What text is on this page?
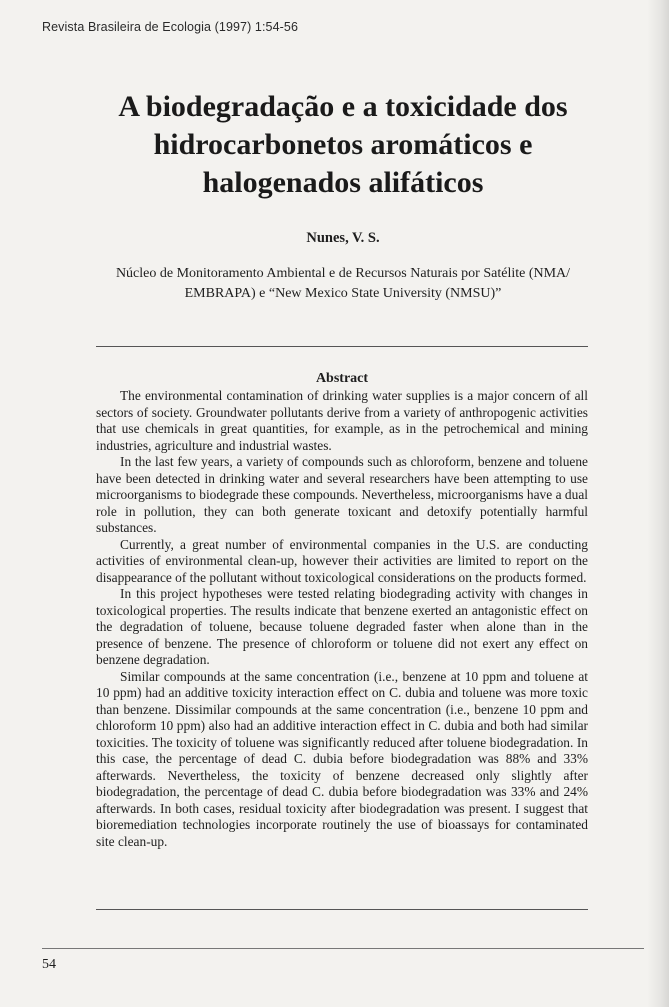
Revista Brasileira de Ecologia (1997) 1:54-56
A biodegradação e a toxicidade dos
hidrocarbonetos aromáticos e
halogenados alifáticos
Nunes, V. S.
Núcleo de Monitoramento Ambiental e de Recursos Naturais por Satélite (NMA/
EMBRAPA) e “New Mexico State University (NMSU)”
Abstract

The environmental contamination of drinking water supplies is a major concern of all sectors of society. Groundwater pollutants derive from a variety of anthropogenic activities that use chemicals in great quantities, for example, as in the petrochemical and mining industries, agriculture and industrial wastes.

In the last few years, a variety of compounds such as chloroform, benzene and toluene have been detected in drinking water and several researchers have been attempting to use microorganisms to biodegrade these compounds. Nevertheless, microorganisms have a dual role in pollution, they can both generate toxicant and detoxify potentially harmful substances.

Currently, a great number of environmental companies in the U.S. are conducting activities of environmental clean-up, however their activities are limited to report on the disappearance of the pollutant without toxicological considerations on the products formed.

In this project hypotheses were tested relating biodegrading activity with changes in toxicological properties. The results indicate that benzene exerted an antagonistic effect on the degradation of toluene, because toluene degraded faster when alone than in the presence of benzene. The presence of chloroform or toluene did not exert any effect on benzene degradation.

Similar compounds at the same concentration (i.e., benzene at 10 ppm and toluene at 10 ppm) had an additive toxicity interaction effect on C. dubia and toluene was more toxic than benzene. Dissimilar compounds at the same concentration (i.e., benzene 10 ppm and chloroform 10 ppm) also had an additive interaction effect in C. dubia and both had similar toxicities. The toxicity of toluene was significantly reduced after toluene biodegradation. In this case, the percentage of dead C. dubia before biodegradation was 88% and 33% afterwards. Nevertheless, the toxicity of benzene decreased only slightly after biodegradation, the percentage of dead C. dubia before biodegradation was 33% and 24% afterwards. In both cases, residual toxicity after biodegradation was present. I suggest that bioremediation technologies incorporate routinely the use of bioassays for contaminated site clean-up.

54
